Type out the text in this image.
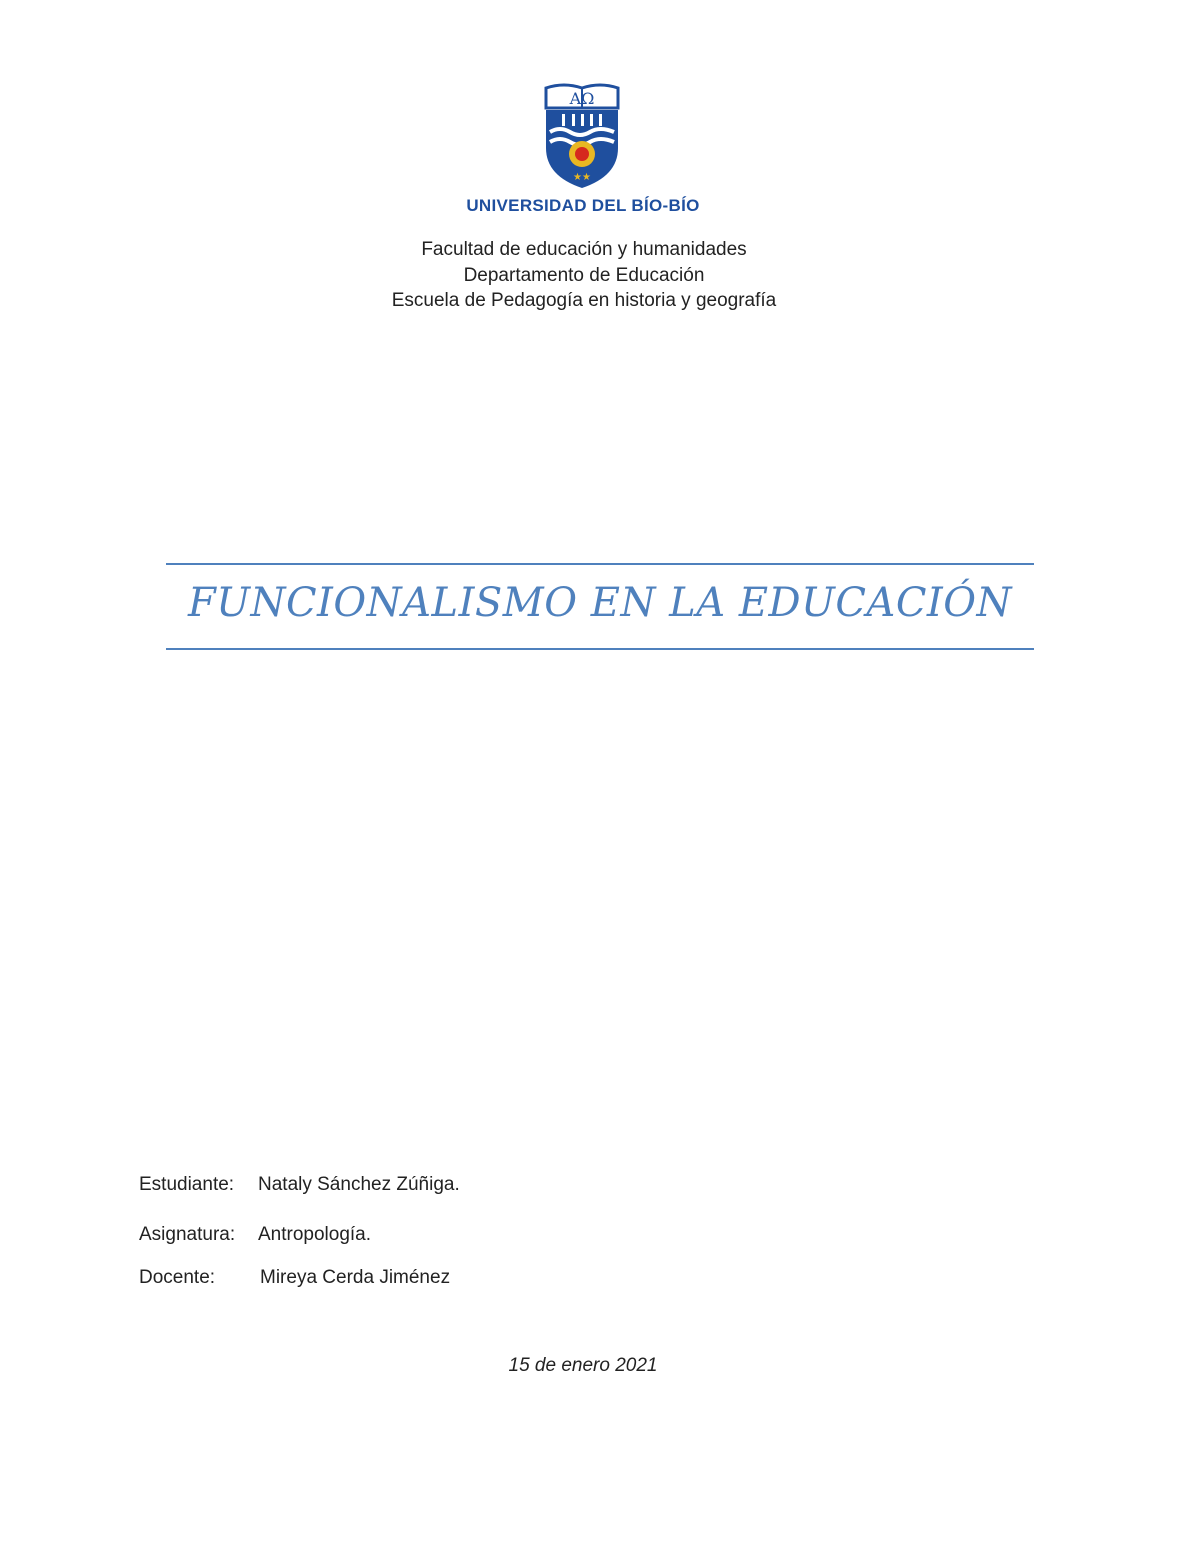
ΑΩ
★★
UNIVERSIDAD DEL BÍO-BÍO
Facultad de educación y humanidades
Departamento de Educación
Escuela de Pedagogía en historia y geografía
FUNCIONALISMO EN LA EDUCACIÓN
Estudiante: Nataly Sánchez Zúñiga.
Asignatura: Antropología.
Docente: Mireya Cerda Jiménez
15 de enero 2021
